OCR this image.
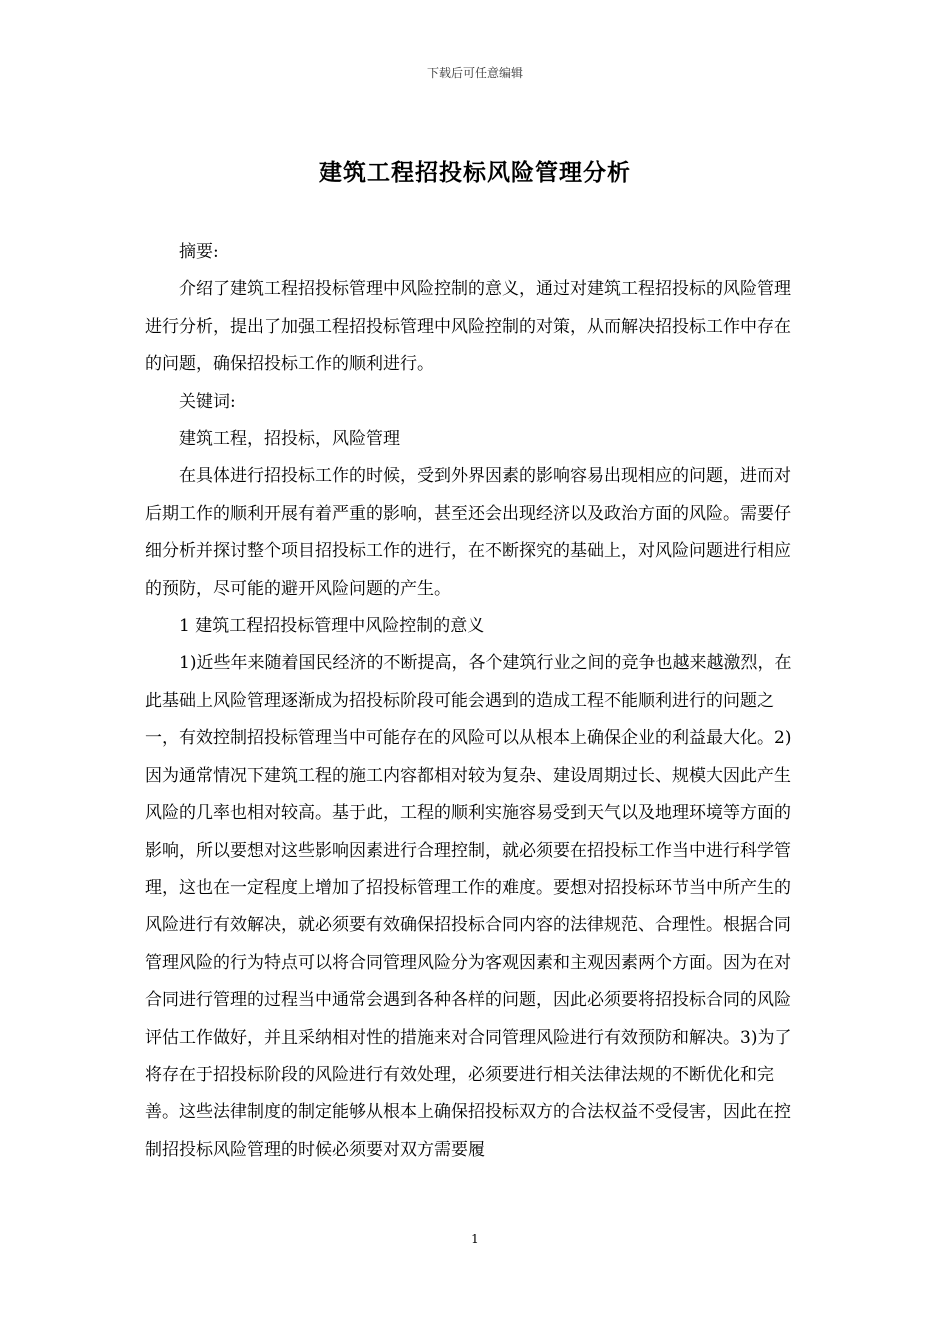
下载后可任意编辑
建筑工程招投标风险管理分析

摘要:

介绍了建筑工程招投标管理中风险控制的意义，通过对建筑工程招投标的风险管理进行分析，提出了加强工程招投标管理中风险控制的对策，从而解决招投标工作中存在的问题，确保招投标工作的顺利进行。

关键词:

建筑工程，招投标，风险管理

在具体进行招投标工作的时候，受到外界因素的影响容易出现相应的问题，进而对后期工作的顺利开展有着严重的影响，甚至还会出现经济以及政治方面的风险。需要仔细分析并探讨整个项目招投标工作的进行，在不断探究的基础上，对风险问题进行相应的预防，尽可能的避开风险问题的产生。

1 建筑工程招投标管理中风险控制的意义

1)近些年来随着国民经济的不断提高，各个建筑行业之间的竞争也越来越激烈，在此基础上风险管理逐渐成为招投标阶段可能会遇到的造成工程不能顺利进行的问题之一，有效控制招投标管理当中可能存在的风险可以从根本上确保企业的利益最大化。2)因为通常情况下建筑工程的施工内容都相对较为复杂、建设周期过长、规模大因此产生风险的几率也相对较高。基于此，工程的顺利实施容易受到天气以及地理环境等方面的影响，所以要想对这些影响因素进行合理控制，就必须要在招投标工作当中进行科学管理，这也在一定程度上增加了招投标管理工作的难度。要想对招投标环节当中所产生的风险进行有效解决，就必须要有效确保招投标合同内容的法律规范、合理性。根据合同管理风险的行为特点可以将合同管理风险分为客观因素和主观因素两个方面。因为在对合同进行管理的过程当中通常会遇到各种各样的问题，因此必须要将招投标合同的风险评估工作做好，并且采纳相对性的措施来对合同管理风险进行有效预防和解决。3)为了将存在于招投标阶段的风险进行有效处理，必须要进行相关法律法规的不断优化和完善。这些法律制度的制定能够从根本上确保招投标双方的合法权益不受侵害，因此在控制招投标风险管理的时候必须要对双方需要履

1
